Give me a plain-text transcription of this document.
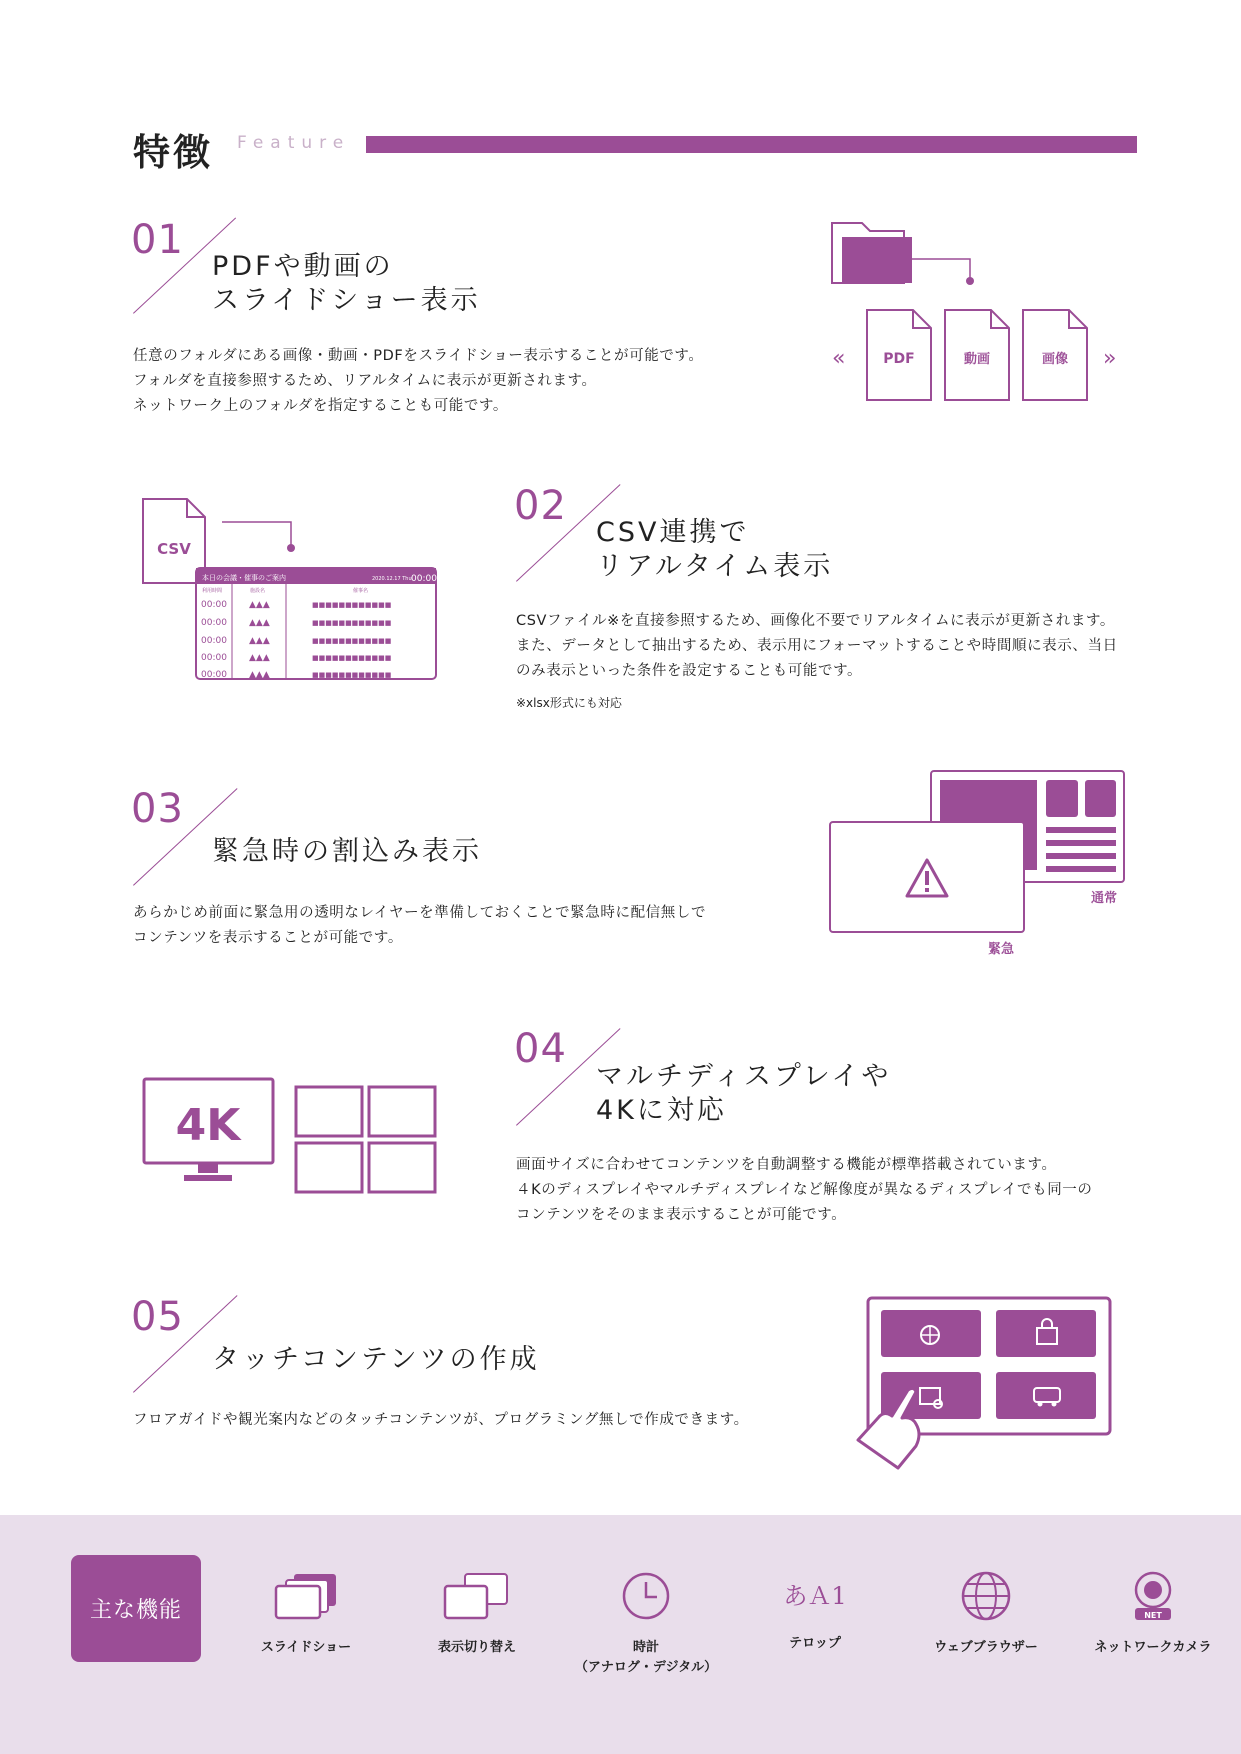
特徴 Feature
01
PDFや動画の
スライドショー表示
任意のフォルダにある画像・動画・PDFをスライドショー表示することが可能です。
フォルダを直接参照するため、リアルタイムに表示が更新されます。
ネットワーク上のフォルダを指定することも可能です。
«	»
PDF	動画	画像
CSV
本日の会議・催事のご案内	2020.12.17 Thu 00:00
利用時間	施設名	催事名
00:00 ▲▲▲	■■■■■■■■■■■■
00:00 ▲▲▲	■■■■■■■■■■■■
00:00 ▲▲▲	■■■■■■■■■■■■
00:00 ▲▲▲	■■■■■■■■■■■■
00:00 ▲▲▲	■■■■■■■■■■■■
02
CSV連携で
リアルタイム表示
CSVファイル※を直接参照するため、画像化不要でリアルタイムに表示が更新されます。
また、データとして抽出するため、表示用にフォーマットすることや時間順に表示、当日
のみ表示といった条件を設定することも可能です。
※xlsx形式にも対応
03
緊急時の割込み表示
あらかじめ前面に緊急用の透明なレイヤーを準備しておくことで緊急時に配信無しで
コンテンツを表示することが可能です。
通常
緊急
4K
04
マルチディスプレイや
4Kに対応
画面サイズに合わせてコンテンツを自動調整する機能が標準搭載されています。
４Kのディスプレイやマルチディスプレイなど解像度が異なるディスプレイでも同一の
コンテンツをそのまま表示することが可能です。
05
タッチコンテンツの作成
フロアガイドや観光案内などのタッチコンテンツが、プログラミング無しで作成できます。
主な機能
スライドショー	表示切り替え	時計
（アナログ・デジタル）
あＡ1
テロップ	ウェブブラウザー
NET
ネットワークカメラ
